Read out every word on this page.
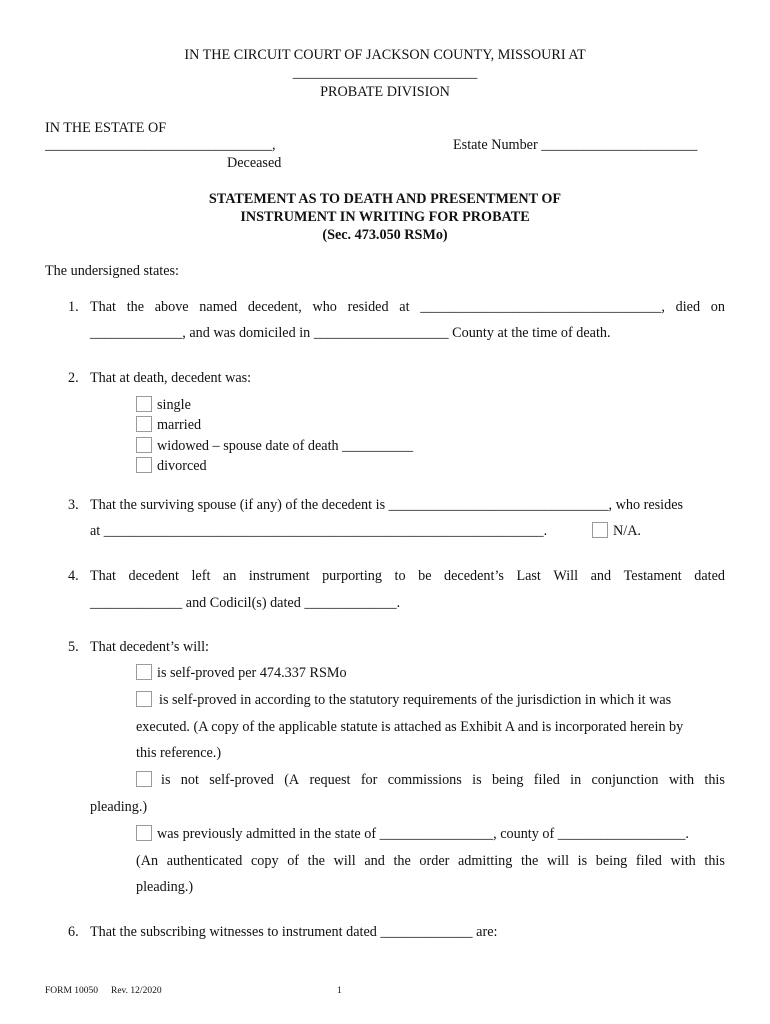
IN THE CIRCUIT COURT OF JACKSON COUNTY, MISSOURI AT
__________________________
PROBATE DIVISION
IN THE ESTATE OF
________________________________,	Estate Number ______________________
Deceased
STATEMENT AS TO DEATH AND PRESENTMENT OF
INSTRUMENT IN WRITING FOR PROBATE
(Sec. 473.050 RSMo)
The undersigned states:
1. That the above named decedent, who resided at __________________________________, died on
_____________, and was domiciled in ___________________ County at the time of death.
2. That at death, decedent was:
single
married
widowed – spouse date of death __________
divorced
3. That the surviving spouse (if any) of the decedent is _______________________________, who resides
at ______________________________________________________________.	N/A.
4. That decedent left an instrument purporting to be decedent’s Last Will and Testament dated
_____________ and Codicil(s) dated _____________.
5. That decedent’s will:
is self-proved per 474.337 RSMo
is self-proved in according to the statutory requirements of the jurisdiction in which it was
executed. (A copy of the applicable statute is attached as Exhibit A and is incorporated herein by
this reference.)
is not self-proved (A request for commissions is being filed in conjunction with this
pleading.)
was previously admitted in the state of ________________, county of __________________.
(An authenticated copy of the will and the order admitting the will is being filed with this
pleading.)
6. That the subscribing witnesses to instrument dated _____________ are:
FORM 10050 Rev. 12/2020	1
